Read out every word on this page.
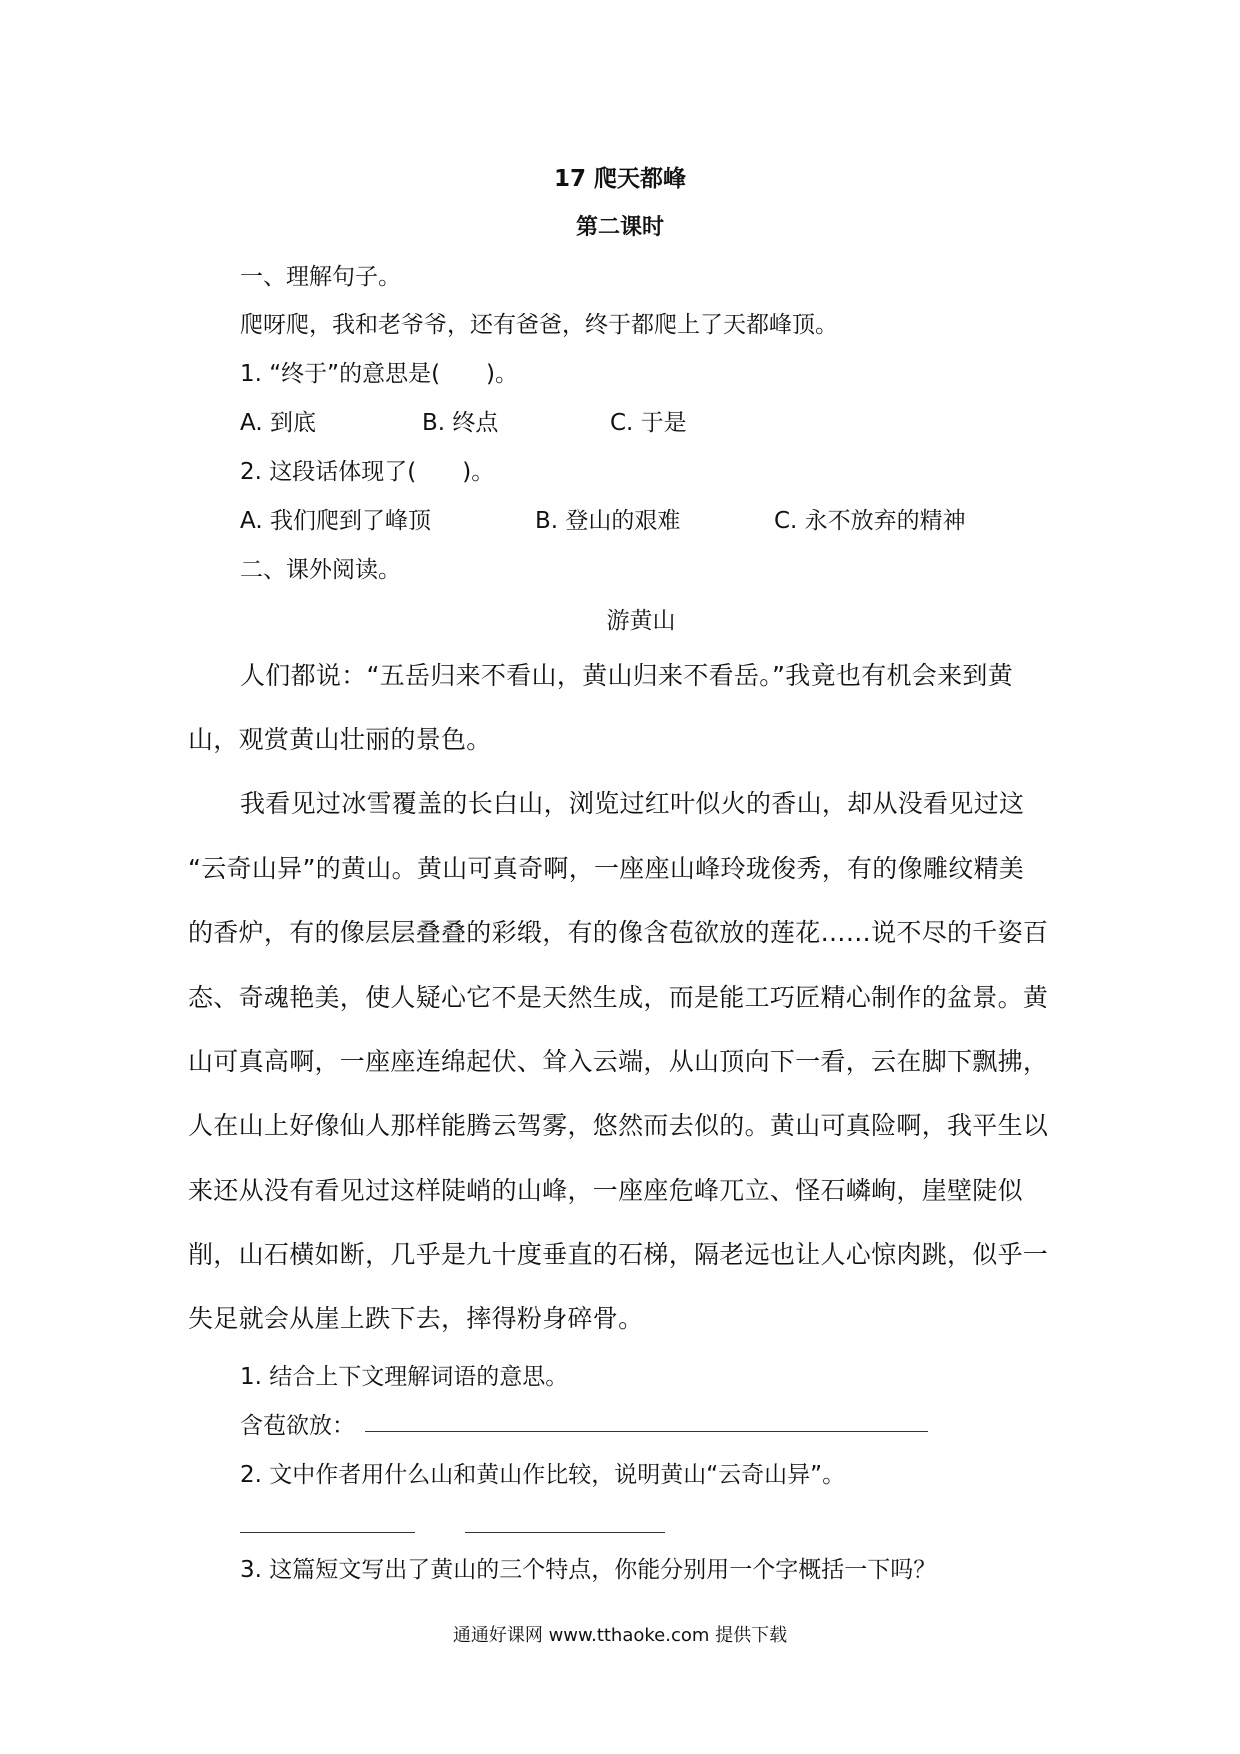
17 爬天都峰
第二课时
一、理解句子。
爬呀爬，我和老爷爷，还有爸爸，终于都爬上了天都峰顶。
1. “终于”的意思是(　　)。
A. 到底	B. 终点	C. 于是
2. 这段话体现了(　　)。
A. 我们爬到了峰顶	B. 登山的艰难	C. 永不放弃的精神
二、课外阅读。
游黄山
人们都说：“五岳归来不看山，黄山归来不看岳。”我竟也有机会来到黄
山，观赏黄山壮丽的景色。
我看见过冰雪覆盖的长白山，浏览过红叶似火的香山，却从没看见过这
“云奇山异”的黄山。黄山可真奇啊，一座座山峰玲珑俊秀，有的像雕纹精美
的香炉，有的像层层叠叠的彩缎，有的像含苞欲放的莲花……说不尽的千姿百
态、奇魂艳美，使人疑心它不是天然生成，而是能工巧匠精心制作的盆景。黄
山可真高啊，一座座连绵起伏、耸入云端，从山顶向下一看，云在脚下飘拂，
人在山上好像仙人那样能腾云驾雾，悠然而去似的。黄山可真险啊，我平生以
来还从没有看见过这样陡峭的山峰，一座座危峰兀立、怪石嶙峋，崖壁陡似
削，山石横如断，几乎是九十度垂直的石梯，隔老远也让人心惊肉跳，似乎一
失足就会从崖上跌下去，摔得粉身碎骨。
1. 结合上下文理解词语的意思。
含苞欲放：
2. 文中作者用什么山和黄山作比较，说明黄山“云奇山异”。
3. 这篇短文写出了黄山的三个特点，你能分别用一个字概括一下吗？
通通好课网 www.tthaoke.com 提供下载
